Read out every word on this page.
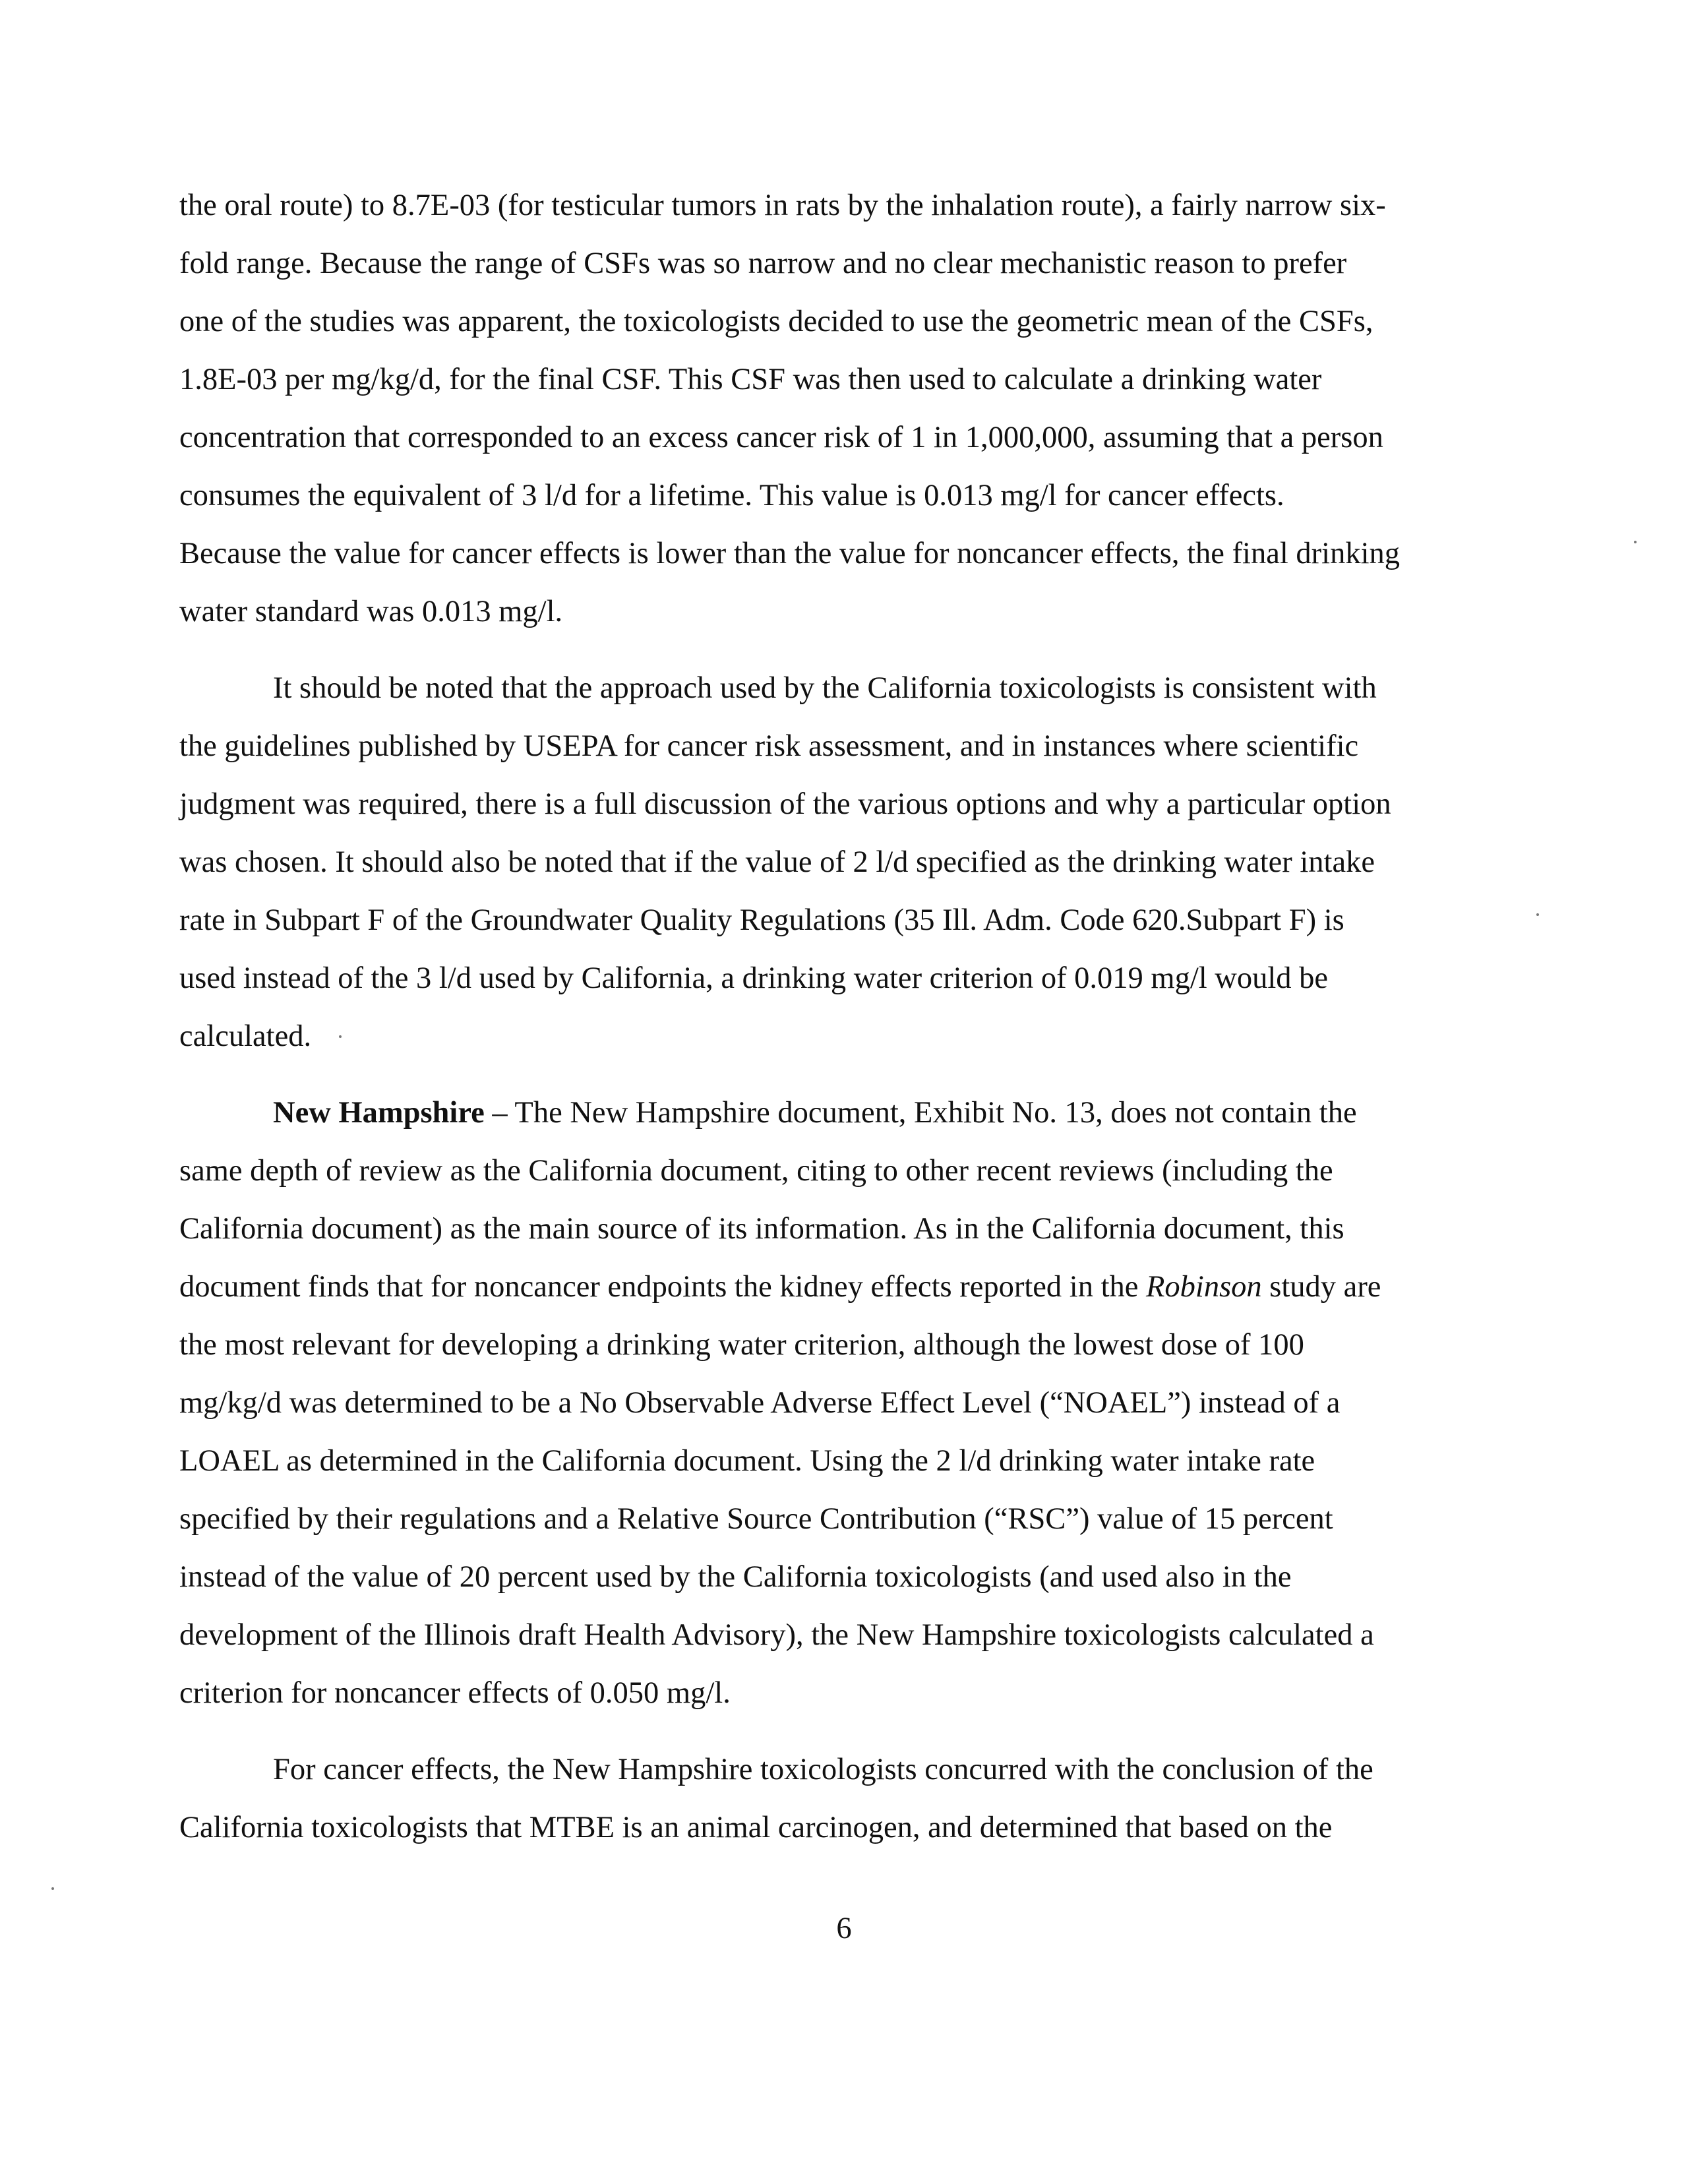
the oral route) to 8.7E-03 (for testicular tumors in rats by the inhalation route), a fairly narrow six-
fold range. Because the range of CSFs was so narrow and no clear mechanistic reason to prefer
one of the studies was apparent, the toxicologists decided to use the geometric mean of the CSFs,
1.8E-03 per mg/kg/d, for the final CSF. This CSF was then used to calculate a drinking water
concentration that corresponded to an excess cancer risk of 1 in 1,000,000, assuming that a person
consumes the equivalent of 3 l/d for a lifetime. This value is 0.013 mg/l for cancer effects.
Because the value for cancer effects is lower than the value for noncancer effects, the final drinking
water standard was 0.013 mg/l.
It should be noted that the approach used by the California toxicologists is consistent with
the guidelines published by USEPA for cancer risk assessment, and in instances where scientific
judgment was required, there is a full discussion of the various options and why a particular option
was chosen. It should also be noted that if the value of 2 l/d specified as the drinking water intake
rate in Subpart F of the Groundwater Quality Regulations (35 Ill. Adm. Code 620.Subpart F) is
used instead of the 3 l/d used by California, a drinking water criterion of 0.019 mg/l would be
calculated.
New Hampshire – The New Hampshire document, Exhibit No. 13, does not contain the
same depth of review as the California document, citing to other recent reviews (including the
California document) as the main source of its information. As in the California document, this
document finds that for noncancer endpoints the kidney effects reported in the Robinson study are
the most relevant for developing a drinking water criterion, although the lowest dose of 100
mg/kg/d was determined to be a No Observable Adverse Effect Level (“NOAEL”) instead of a
LOAEL as determined in the California document. Using the 2 l/d drinking water intake rate
specified by their regulations and a Relative Source Contribution (“RSC”) value of 15 percent
instead of the value of 20 percent used by the California toxicologists (and used also in the
development of the Illinois draft Health Advisory), the New Hampshire toxicologists calculated a
criterion for noncancer effects of 0.050 mg/l.
For cancer effects, the New Hampshire toxicologists concurred with the conclusion of the
California toxicologists that MTBE is an animal carcinogen, and determined that based on the
6
